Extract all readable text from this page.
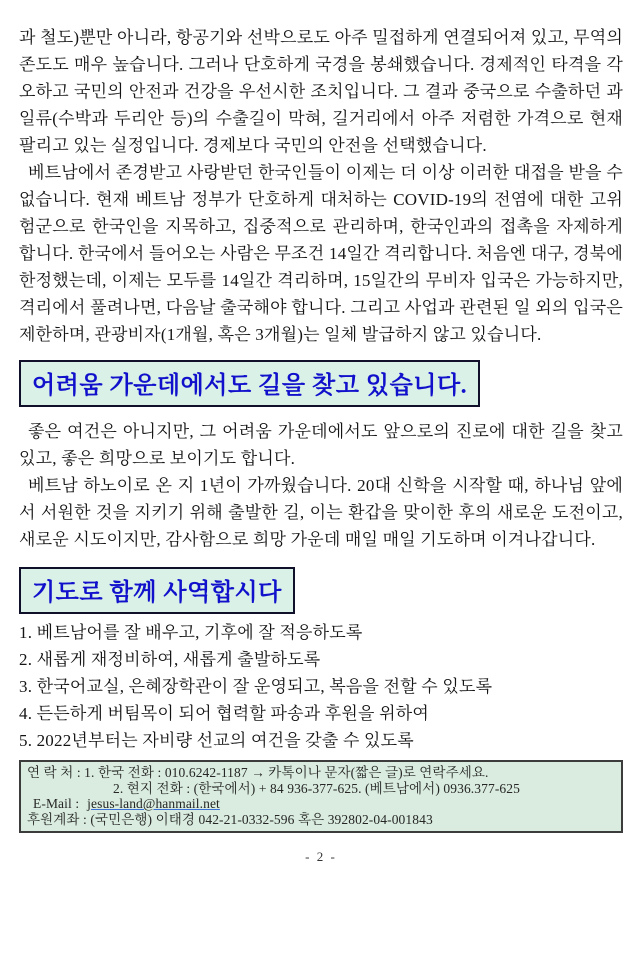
과 철도)뿐만 아니라, 항공기와 선박으로도 아주 밀접하게 연결되어져 있고, 무역의존도도 매우 높습니다. 그러나 단호하게 국경을 봉쇄했습니다. 경제적인 타격을 각오하고 국민의 안전과 건강을 우선시한 조치입니다. 그 결과 중국으로 수출하던 과일류(수박과 두리안 등)의 수출길이 막혀, 길거리에서 아주 저렴한 가격으로 현재 팔리고 있는 실정입니다. 경제보다 국민의 안전을 선택했습니다.

베트남에서 존경받고 사랑받던 한국인들이 이제는 더 이상 이러한 대접을 받을 수 없습니다. 현재 베트남 정부가 단호하게 대처하는 COVID-19의 전염에 대한 고위험군으로 한국인을 지목하고, 집중적으로 관리하며, 한국인과의 접촉을 자제하게 합니다. 한국에서 들어오는 사람은 무조건 14일간 격리합니다. 처음엔 대구, 경북에 한정했는데, 이제는 모두를 14일간 격리하며, 15일간의 무비자 입국은 가능하지만, 격리에서 풀려나면, 다음날 출국해야 합니다. 그리고 사업과 관련된 일 외의 입국은 제한하며, 관광비자(1개월, 혹은 3개월)는 일체 발급하지 않고 있습니다.

어려움 가운데에서도 길을 찾고 있습니다.

좋은 여건은 아니지만, 그 어려움 가운데에서도 앞으로의 진로에 대한 길을 찾고 있고, 좋은 희망으로 보이기도 합니다.

베트남 하노이로 온 지 1년이 가까웠습니다. 20대 신학을 시작할 때, 하나님 앞에서 서원한 것을 지키기 위해 출발한 길, 이는 환갑을 맞이한 후의 새로운 도전이고, 새로운 시도이지만, 감사함으로 희망 가운데 매일 매일 기도하며 이겨나갑니다.

기도로 함께 사역합시다
1. 베트남어를 잘 배우고, 기후에 잘 적응하도록
2. 새롭게 재정비하여, 새롭게 출발하도록
3. 한국어교실, 은혜장학관이 잘 운영되고, 복음을 전할 수 있도록
4. 든든하게 버팀목이 되어 협력할 파송과 후원을 위하여
5. 2022년부터는 자비량 선교의 여건을 갖출 수 있도록
연 락 처 : 1. 한국 전화 : 010.6242-1187 → 카톡이나 문자(짧은 글)로 연락주세요.
2. 현지 전화 : (한국에서) + 84 936-377-625. (베트남에서) 0936.377-625
E-Mail : jesus-land@hanmail.net
후원계좌 : (국민은행) 이태경 042-21-0332-596 혹은 392802-04-001843
- 2 -
